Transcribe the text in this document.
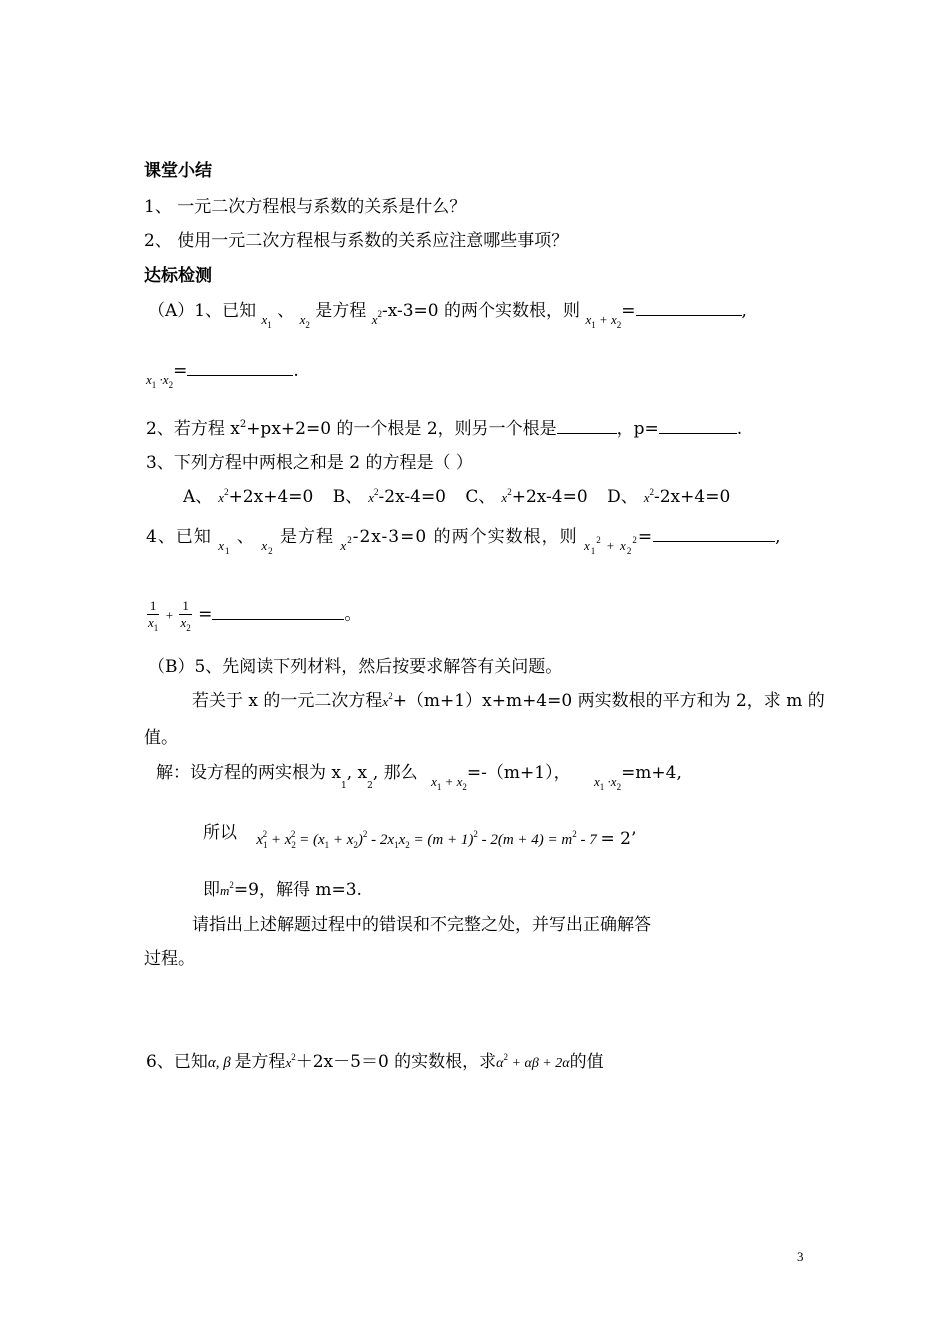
课堂小结
1、 一元二次方程根与系数的关系是什么？
2、 使用一元二次方程根与系数的关系应注意哪些事项？
达标检测
（A）1、已知 $_{x_1}$ 、 $_{x_2}$ 是方程 $_{x^2}$-x-3=0 的两个实数根，则 $_{x_1 + x_2}$=	,
$_{x_1 \cdot x_2}$=	.
2、若方程 $x^2+px+2=0$ 的一个根是 2，则另一个根是	，p=	.
3、下列方程中两根之和是 2 的方程是（ ）
A、 $x^2+2x+4=0$ B、 $x^2-2x-4=0$ C、 $x^2+2x-4=0$ D、 $x^2-2x+4=0$
4、已知 $_{x_1}$ 、 $_{x_2}$ 是方程 $_{x^2}$-2x-3=0 的两个实数根，则 $_{x_1^2 + x_2^2}$=	,
$\frac{1}{x_1} + \frac{1}{x_2}$ =	。
（B）5、先阅读下列材料，然后按要求解答有关问题。
若关于 x 的一元二次方程$x^2+(m+1)x+m+4=0$ 两实数根的平方和为 2，求 m 的
值。
解：设方程的两实根为 $x_1$, $x_2$, 那么 $_{x_1 + x_2}$=-（m+1）， $_{x_1 \cdot x_2}$=m+4,
所以 $x_1^2 + x_2^2 = (x_1 + x_2)^2 - 2x_1x_2 = (m + 1)^2 - 2(m + 4) = m^2 - 7 = 2$’
即$m^2=9$，解得 m=3.
请指出上述解题过程中的错误和不完整之处，并写出正确解答
过程。
6、已知α, β 是方程$x^2+2x-5=0$ 的实数根，求$\alpha^2 + \alpha\beta + 2\alpha$的值
3
